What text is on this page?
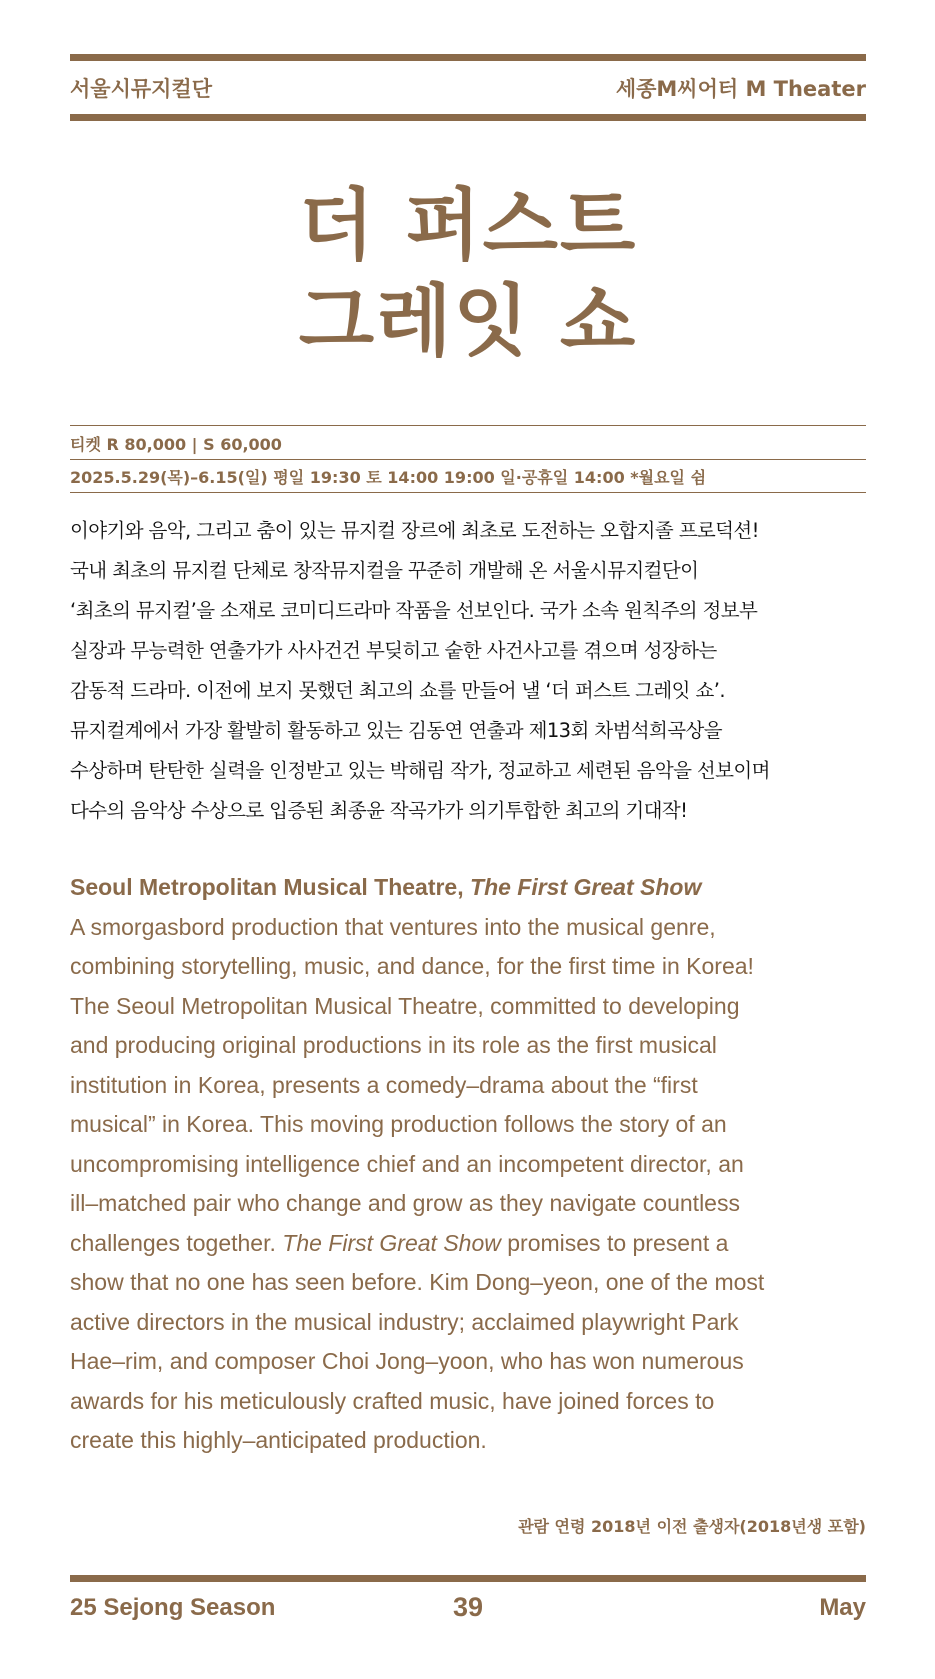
서울시뮤지컬단	세종M씨어터 M Theater
더 퍼스트
그레잇 쇼
티켓 R 80,000 | S 60,000
2025.5.29(목)–6.15(일) 평일 19:30 토 14:00 19:00 일·공휴일 14:00 *월요일 쉼
이야기와 음악, 그리고 춤이 있는 뮤지컬 장르에 최초로 도전하는 오합지졸 프로덕션!
국내 최초의 뮤지컬 단체로 창작뮤지컬을 꾸준히 개발해 온 서울시뮤지컬단이
‘최초의 뮤지컬’을 소재로 코미디드라마 작품을 선보인다. 국가 소속 원칙주의 정보부
실장과 무능력한 연출가가 사사건건 부딪히고 숱한 사건사고를 겪으며 성장하는
감동적 드라마. 이전에 보지 못했던 최고의 쇼를 만들어 낼 ‘더 퍼스트 그레잇 쇼’.
뮤지컬계에서 가장 활발히 활동하고 있는 김동연 연출과 제13회 차범석희곡상을
수상하며 탄탄한 실력을 인정받고 있는 박해림 작가, 정교하고 세련된 음악을 선보이며
다수의 음악상 수상으로 입증된 최종윤 작곡가가 의기투합한 최고의 기대작!
Seoul Metropolitan Musical Theatre, The First Great Show
A smorgasbord production that ventures into the musical genre,
combining storytelling, music, and dance, for the first time in Korea!
The Seoul Metropolitan Musical Theatre, committed to developing
and producing original productions in its role as the first musical
institution in Korea, presents a comedy–drama about the “first
musical” in Korea. This moving production follows the story of an
uncompromising intelligence chief and an incompetent director, an
ill–matched pair who change and grow as they navigate countless
challenges together. The First Great Show promises to present a
show that no one has seen before. Kim Dong–yeon, one of the most
active directors in the musical industry; acclaimed playwright Park
Hae–rim, and composer Choi Jong–yoon, who has won numerous
awards for his meticulously crafted music, have joined forces to
create this highly–anticipated production.
관람 연령 2018년 이전 출생자(2018년생 포함)
25 Sejong Season	39	May
